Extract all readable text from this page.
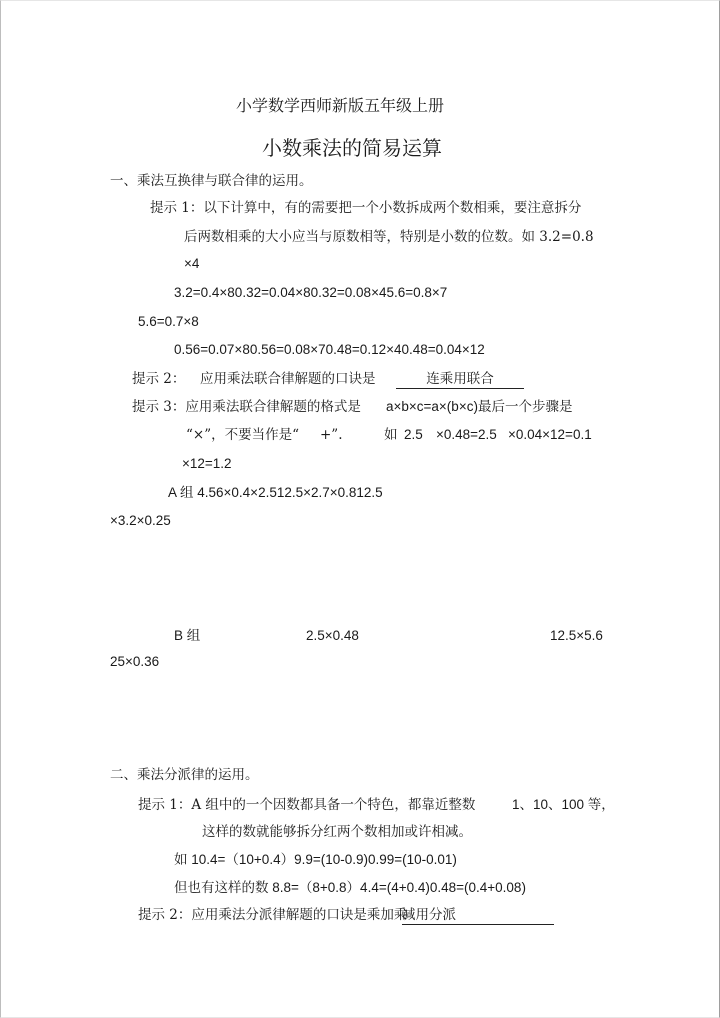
小学数学西师新版五年级上册
小数乘法的简易运算
一、乘法互换律与联合律的运用。
提示 1：以下计算中，有的需要把一个小数拆成两个数相乘，要注意拆分
后两数相乘的大小应当与原数相等，特别是小数的位数。如 3.2=0.8
×4
3.2=0.4×80.32=0.04×80.32=0.08×45.6=0.8×7
5.6=0.7×8
0.56=0.07×80.56=0.08×70.48=0.12×40.48=0.04×12
提示 2： 应用乘法联合律解题的口诀是	连乘用联合
提示 3：应用乘法联合律解题的格式是 a×b×c=a×(b×c)最后一个步骤是
“×”，不要当作是“ +”.	如 2.5 ×0.48=2.5 ×0.04×12=0.1
×12=1.2
A 组 4.56×0.4×2.512.5×2.7×0.812.5
×3.2×0.25
B 组	2.5×0.48	12.5×5.6
25×0.36
二、乘法分派律的运用。
提示 1：A 组中的一个因数都具备一个特色，都靠近整数	1、10、100 等，
这样的数就能够拆分红两个数相加或许相减。
如 10.4=（10+0.4）9.9=(10-0.9)0.99=(10-0.01)
但也有这样的数 8.8=（8+0.8）4.4=(4+0.4)0.48=(0.4+0.08)
提示 2：应用乘法分派律解题的口诀是乘加乘
减用分派
